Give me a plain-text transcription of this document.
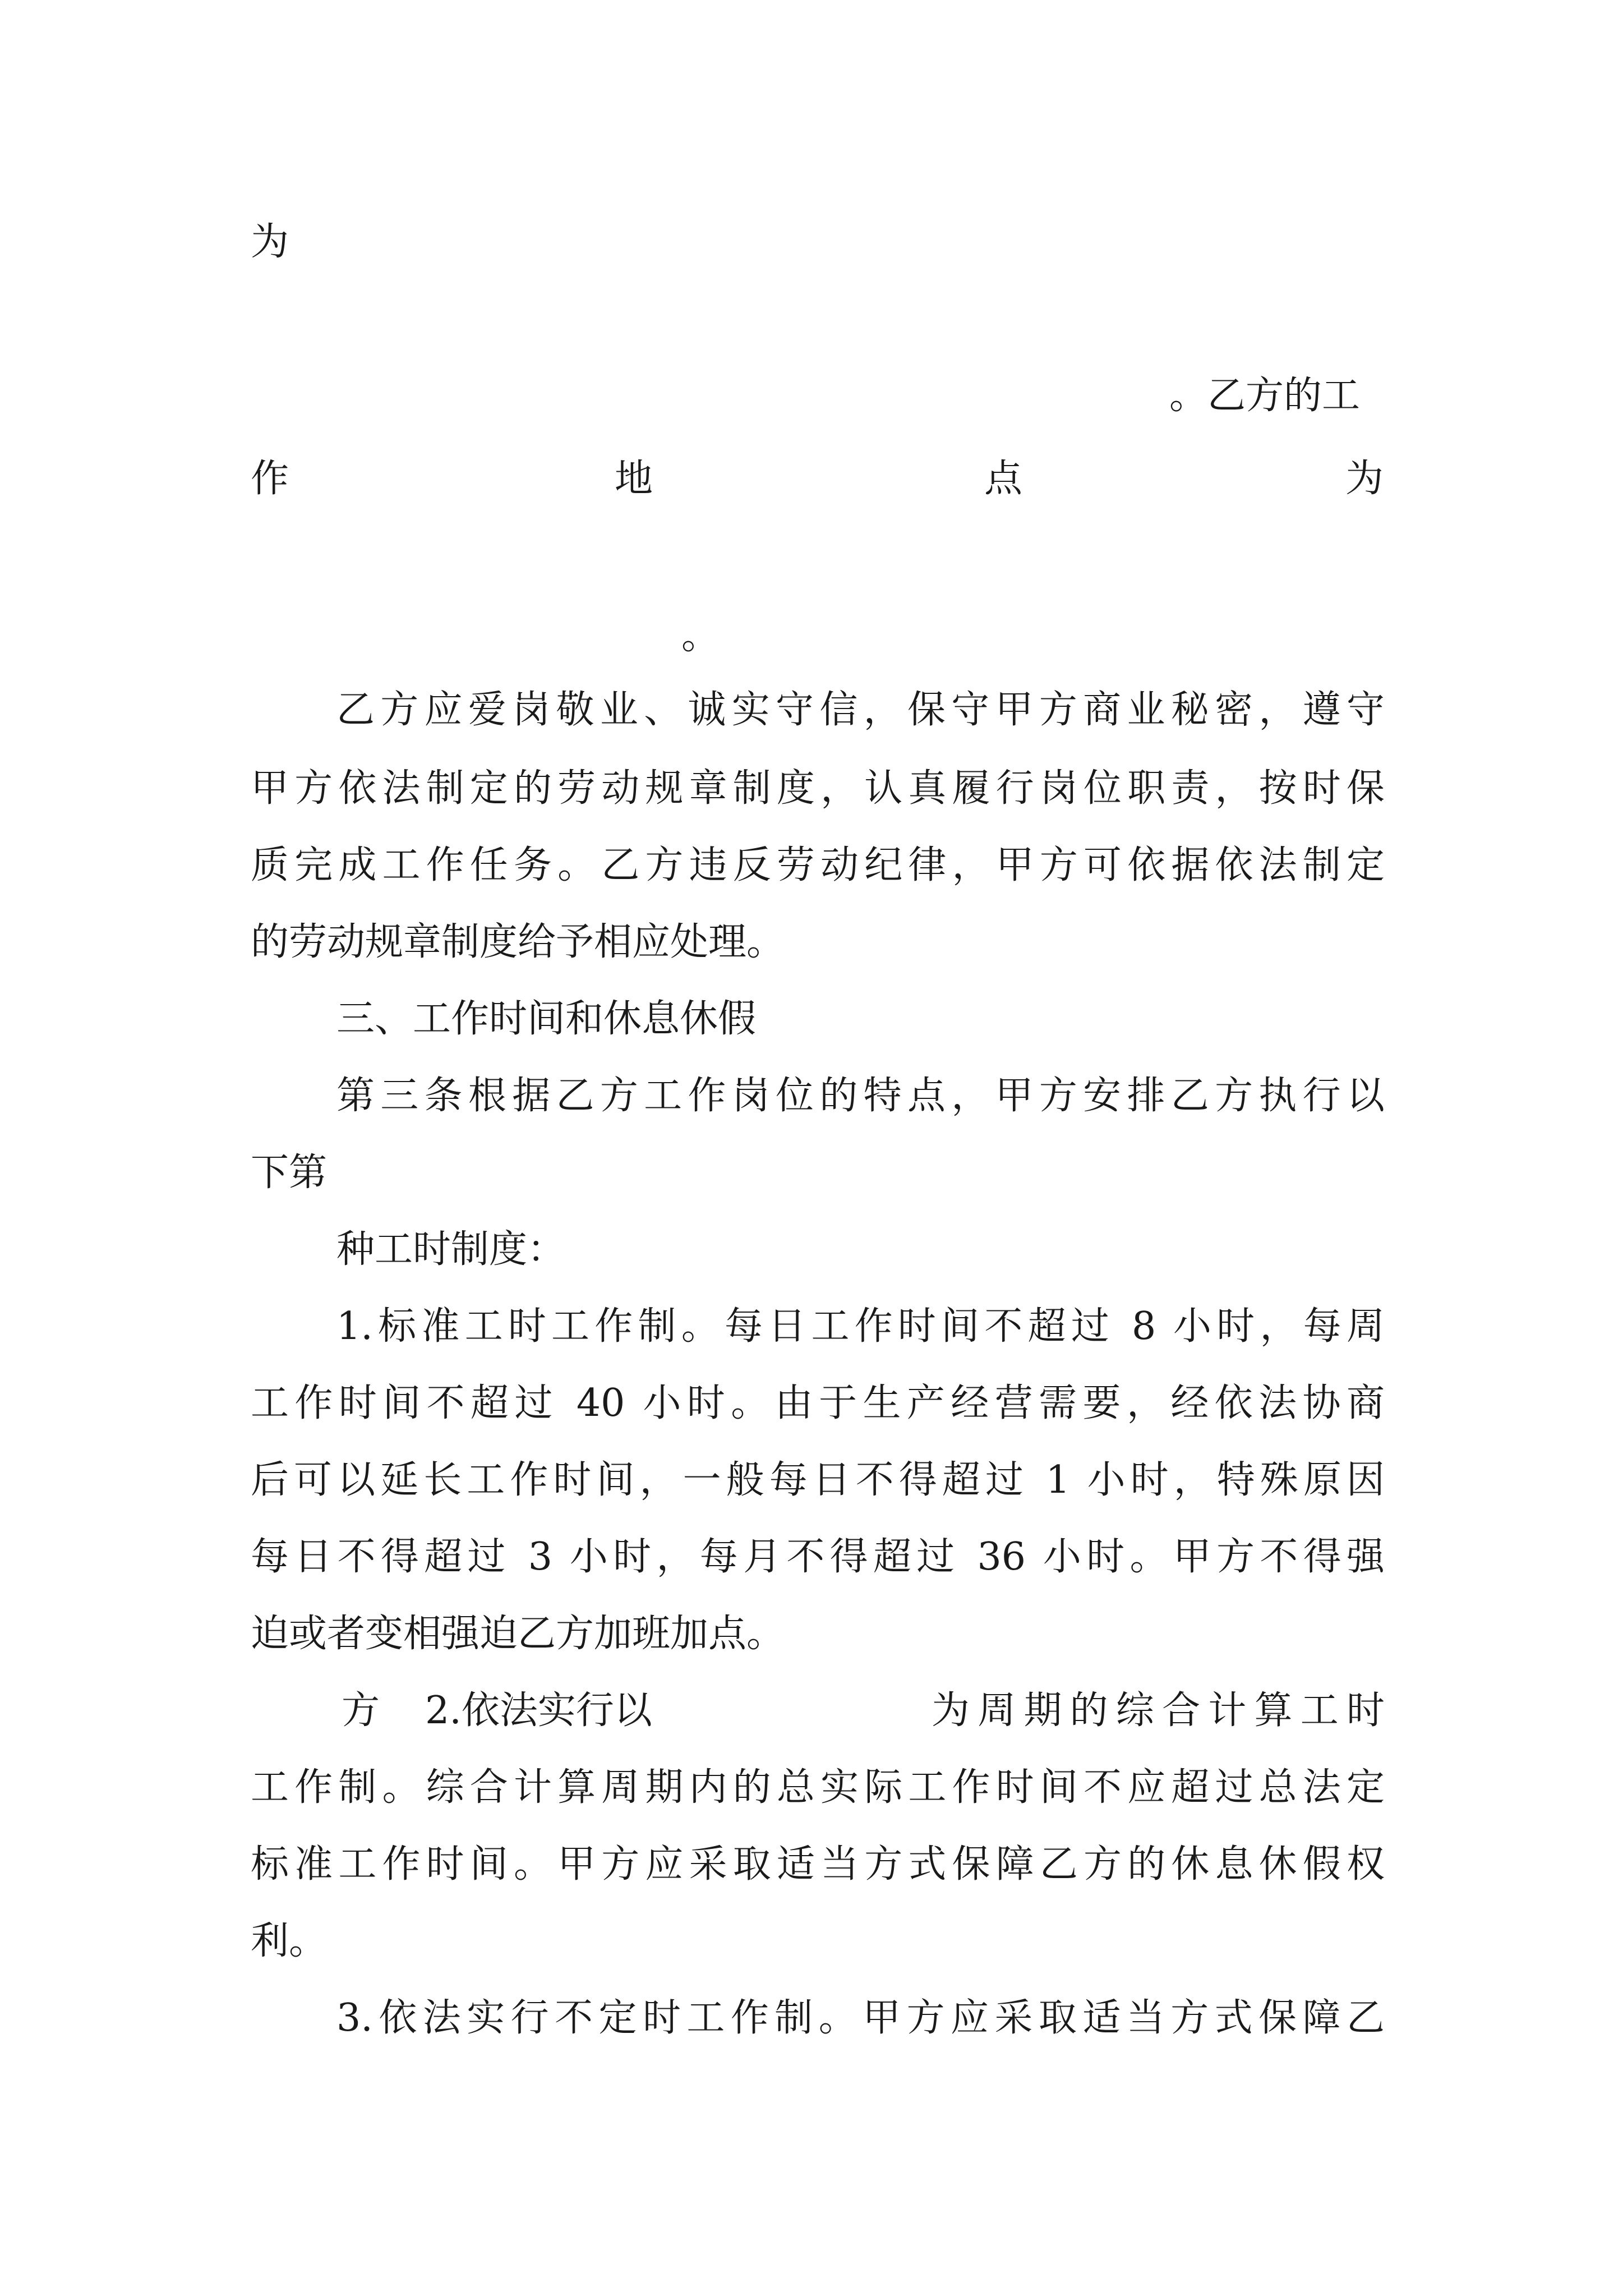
为
。乙方的工
作	地	点	为
。
乙方应爱岗敬业、诚实守信，保守甲方商业秘密，遵守
甲方依法制定的劳动规章制度，认真履行岗位职责，按时保
质完成工作任务。乙方违反劳动纪律，甲方可依据依法制定
的劳动规章制度给予相应处理。
三、工作时间和休息休假
第三条根据乙方工作岗位的特点，甲方安排乙方执行以
下第
种工时制度：
1.标准工时工作制。每日工作时间不超过 8 小时，每周
工作时间不超过 40 小时。由于生产经营需要，经依法协商
后可以延长工作时间，一般每日不得超过 1 小时，特殊原因
每日不得超过 3 小时，每月不得超过 36 小时。甲方不得强
迫或者变相强迫乙方加班加点。
方 2.依法实行以	为周期的综合计算工时
工作制。综合计算周期内的总实际工作时间不应超过总法定
标准工作时间。甲方应采取适当方式保障乙方的休息休假权
利。
3.依法实行不定时工作制。甲方应采取适当方式保障乙
